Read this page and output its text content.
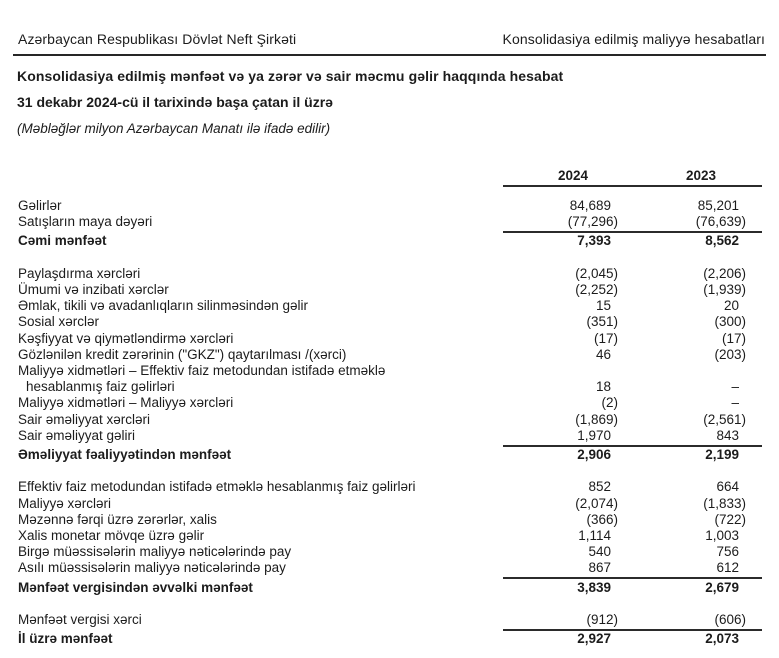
Azərbaycan Respublikası Dövlət Neft Şirkəti	Konsolidasiya edilmiş maliyyə hesabatları
Konsolidasiya edilmiş mənfəət və ya zərər və sair məcmu gəlir haqqında hesabat
31 dekabr 2024-cü il tarixində başa çatan il üzrə
(Məbləğlər milyon Azərbaycan Manatı ilə ifadə edilir)
2024	2023
Gəlirlər	84,689	85,201
Satışların maya dəyəri	(77,296)	(76,639)
Cəmi mənfəət	7,393	8,562
Paylaşdırma xərcləri	(2,045)	(2,206)
Ümumi və inzibati xərclər	(2,252)	(1,939)
Əmlak, tikili və avadanlıqların silinməsindən gəlir	15	20
Sosial xərclər	(351)	(300)
Kəşfiyyat və qiymətləndirmə xərcləri	(17)	(17)
Gözlənilən kredit zərərinin ("GKZ") qaytarılması /(xərci)	46	(203)
Maliyyə xidmətləri – Effektiv faiz metodundan istifadə etməklə
hesablanmış faiz gəlirləri	18	–
Maliyyə xidmətləri – Maliyyə xərcləri	(2)	–
Sair əməliyyat xərcləri	(1,869)	(2,561)
Sair əməliyyat gəliri	1,970	843
Əməliyyat fəaliyyətindən mənfəət	2,906	2,199
Effektiv faiz metodundan istifadə etməklə hesablanmış faiz gəlirləri	852	664
Maliyyə xərcləri	(2,074)	(1,833)
Məzənnə fərqi üzrə zərərlər, xalis	(366)	(722)
Xalis monetar mövqe üzrə gəlir	1,114	1,003
Birgə müəssisələrin maliyyə nəticələrində pay	540	756
Asılı müəssisələrin maliyyə nəticələrində pay	867	612
Mənfəət vergisindən əvvəlki mənfəət	3,839	2,679
Mənfəət vergisi xərci	(912)	(606)
İl üzrə mənfəət	2,927	2,073
